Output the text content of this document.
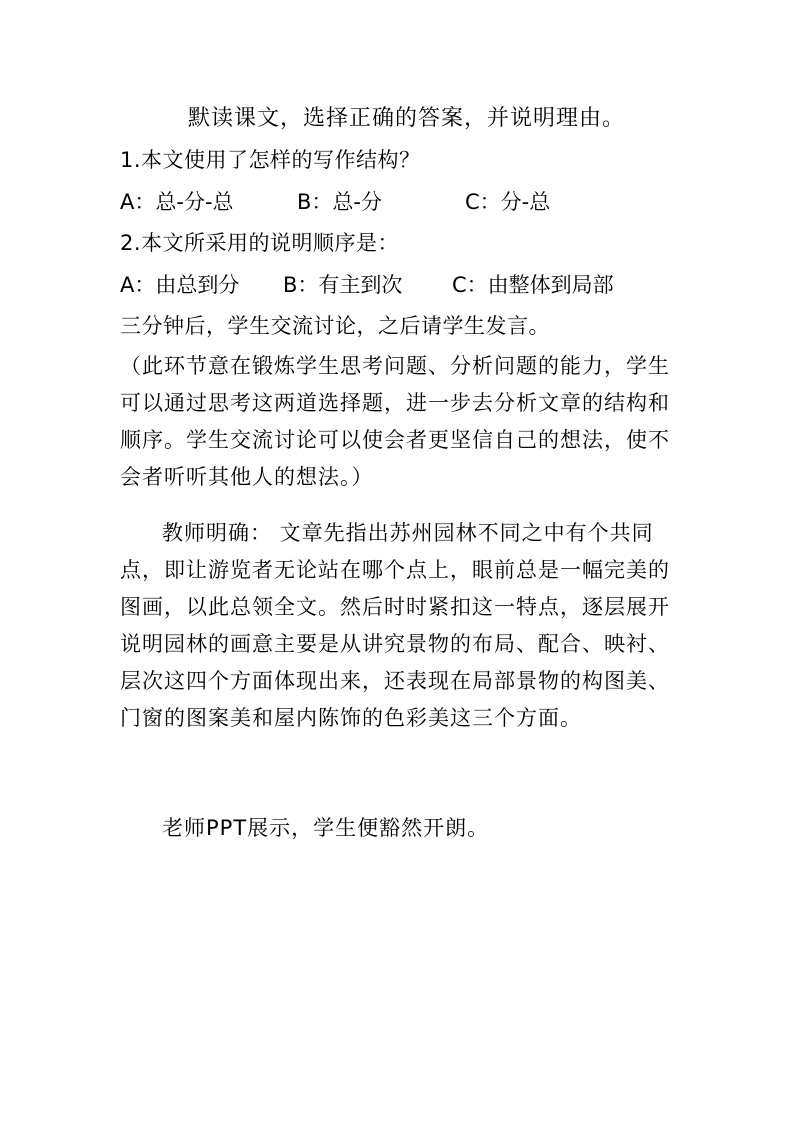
默读课文，选择正确的答案，并说明理由。
1.本文使用了怎样的写作结构？
A：总-分-总	B：总-分	C：分-总
2.本文所采用的说明顺序是：
A：由总到分 B：有主到次 C：由整体到局部
三分钟后，学生交流讨论，之后请学生发言。
（此环节意在锻炼学生思考问题、分析问题的能力，学生可以通过思考这两道选择题，进一步去分析文章的结构和顺序。学生交流讨论可以使会者更坚信自己的想法，使不会者听听其他人的想法。）
教师明确： 文章先指出苏州园林不同之中有个共同点，即让游览者无论站在哪个点上，眼前总是一幅完美的图画，以此总领全文。然后时时紧扣这一特点，逐层展开说明园林的画意主要是从讲究景物的布局、配合、映衬、层次这四个方面体现出来，还表现在局部景物的构图美、门窗的图案美和屋内陈饰的色彩美这三个方面。
老师PPT展示，学生便豁然开朗。
